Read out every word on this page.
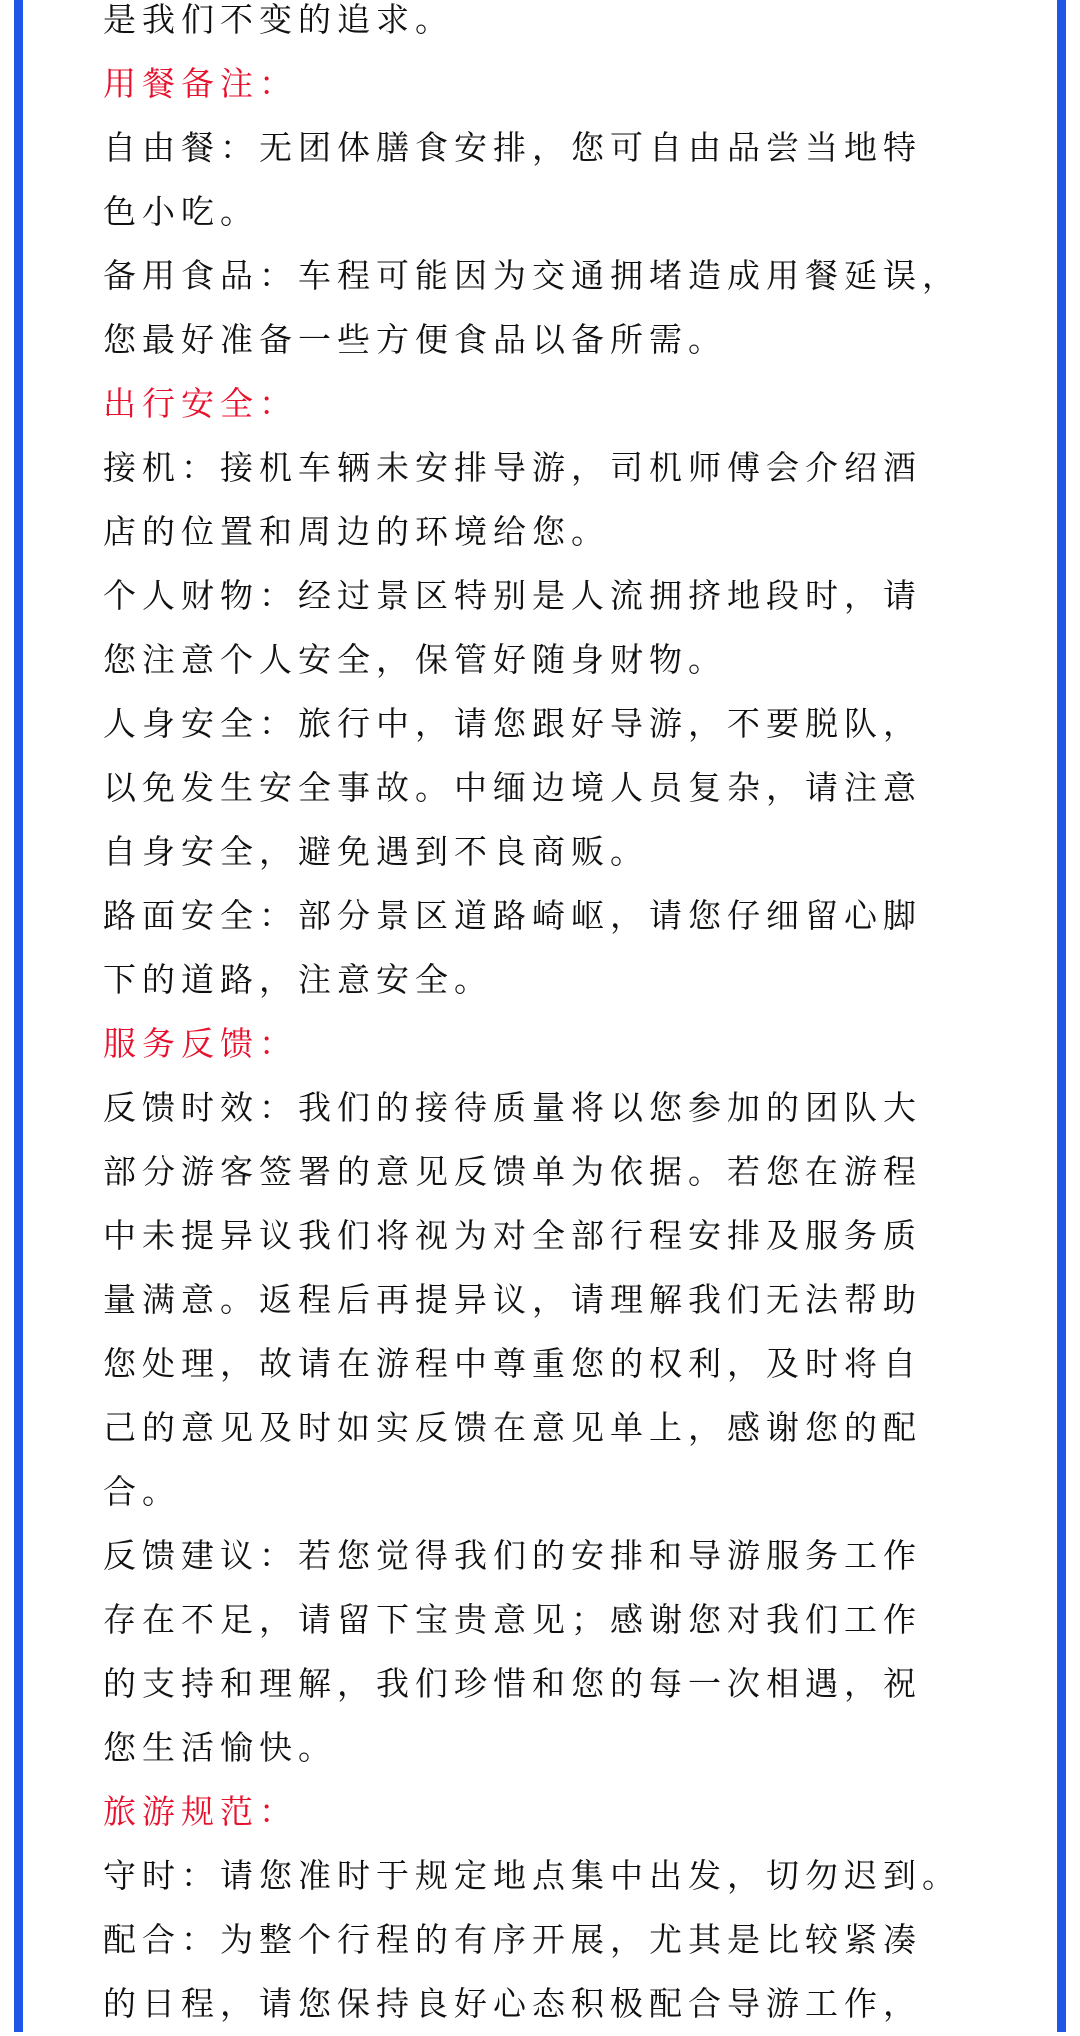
是我们不变的追求。
用餐备注：
自由餐：无团体膳食安排，您可自由品尝当地特
色小吃。
备用食品：车程可能因为交通拥堵造成用餐延误，
您最好准备一些方便食品以备所需。
出行安全：
接机：接机车辆未安排导游，司机师傅会介绍酒
店的位置和周边的环境给您。
个人财物：经过景区特别是人流拥挤地段时，请
您注意个人安全，保管好随身财物。
人身安全：旅行中，请您跟好导游，不要脱队，
以免发生安全事故。中缅边境人员复杂，请注意
自身安全，避免遇到不良商贩。
路面安全：部分景区道路崎岖，请您仔细留心脚
下的道路，注意安全。
服务反馈：
反馈时效：我们的接待质量将以您参加的团队大
部分游客签署的意见反馈单为依据。若您在游程
中未提异议我们将视为对全部行程安排及服务质
量满意。返程后再提异议，请理解我们无法帮助
您处理，故请在游程中尊重您的权利，及时将自
己的意见及时如实反馈在意见单上，感谢您的配
合。
反馈建议：若您觉得我们的安排和导游服务工作
存在不足，请留下宝贵意见；感谢您对我们工作
的支持和理解，我们珍惜和您的每一次相遇，祝
您生活愉快。
旅游规范：
守时：请您准时于规定地点集中出发，切勿迟到。
配合：为整个行程的有序开展，尤其是比较紧凑
的日程，请您保持良好心态积极配合导游工作，
